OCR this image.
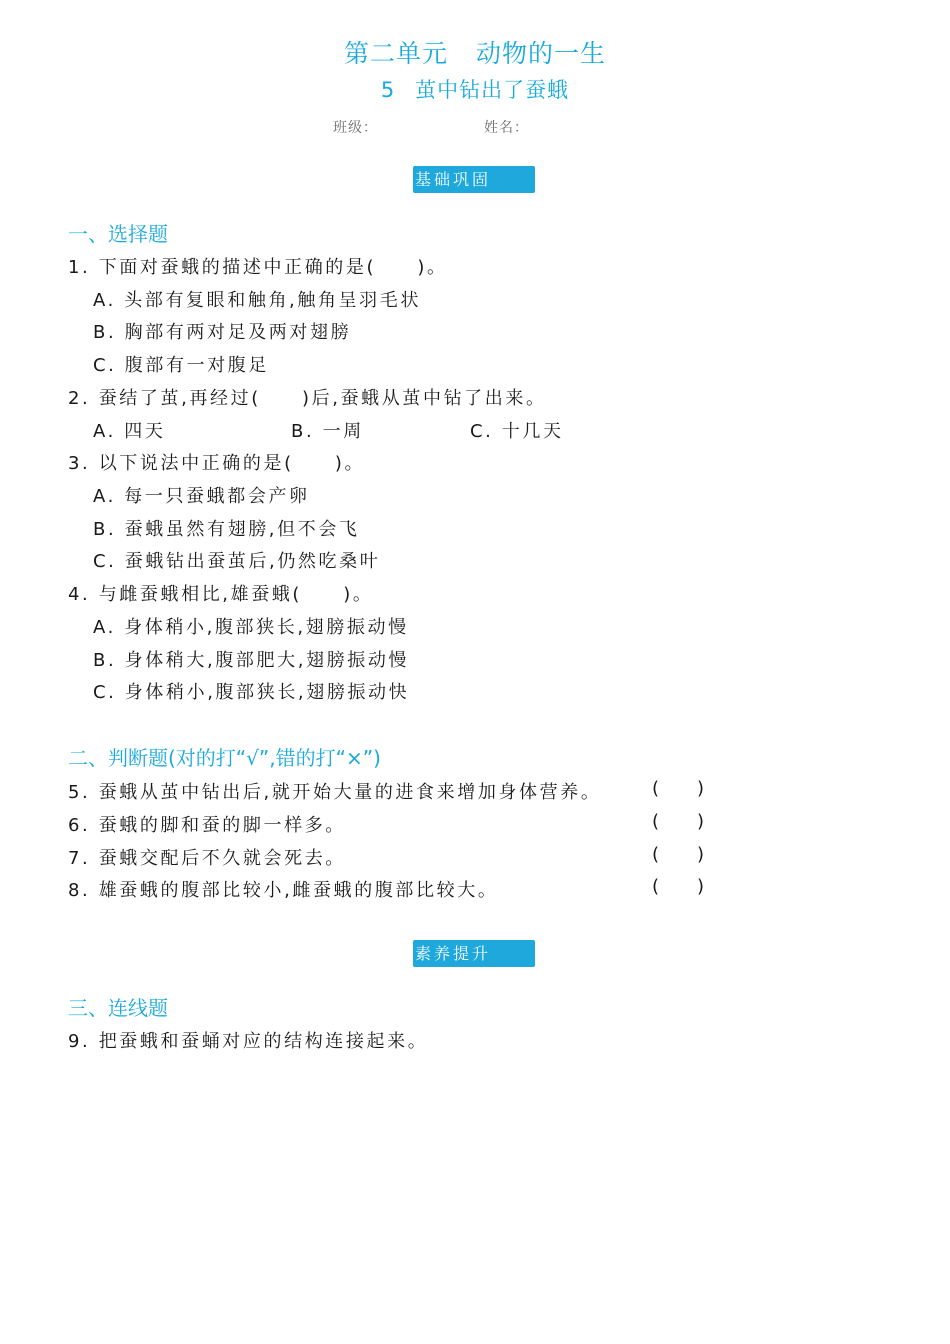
第二单元 动物的一生
5 茧中钻出了蚕蛾
班级：	姓名：
基础巩固
一、选择题
1. 下面对蚕蛾的描述中正确的是(　　)。
A. 头部有复眼和触角,触角呈羽毛状
B. 胸部有两对足及两对翅膀
C. 腹部有一对腹足
2. 蚕结了茧,再经过(　　)后,蚕蛾从茧中钻了出来。
A. 四天	B. 一周	C. 十几天
3. 以下说法中正确的是(　　)。
A. 每一只蚕蛾都会产卵
B. 蚕蛾虽然有翅膀,但不会飞
C. 蚕蛾钻出蚕茧后,仍然吃桑叶
4. 与雌蚕蛾相比,雄蚕蛾(　　)。
A. 身体稍小,腹部狭长,翅膀振动慢
B. 身体稍大,腹部肥大,翅膀振动慢
C. 身体稍小,腹部狭长,翅膀振动快
二、判断题(对的打“√”,错的打“×”)
5. 蚕蛾从茧中钻出后,就开始大量的进食来增加身体营养。	( )
6. 蚕蛾的脚和蚕的脚一样多。	( )
7. 蚕蛾交配后不久就会死去。	( )
8. 雄蚕蛾的腹部比较小,雌蚕蛾的腹部比较大。	( )
素养提升
三、连线题
9. 把蚕蛾和蚕蛹对应的结构连接起来。
